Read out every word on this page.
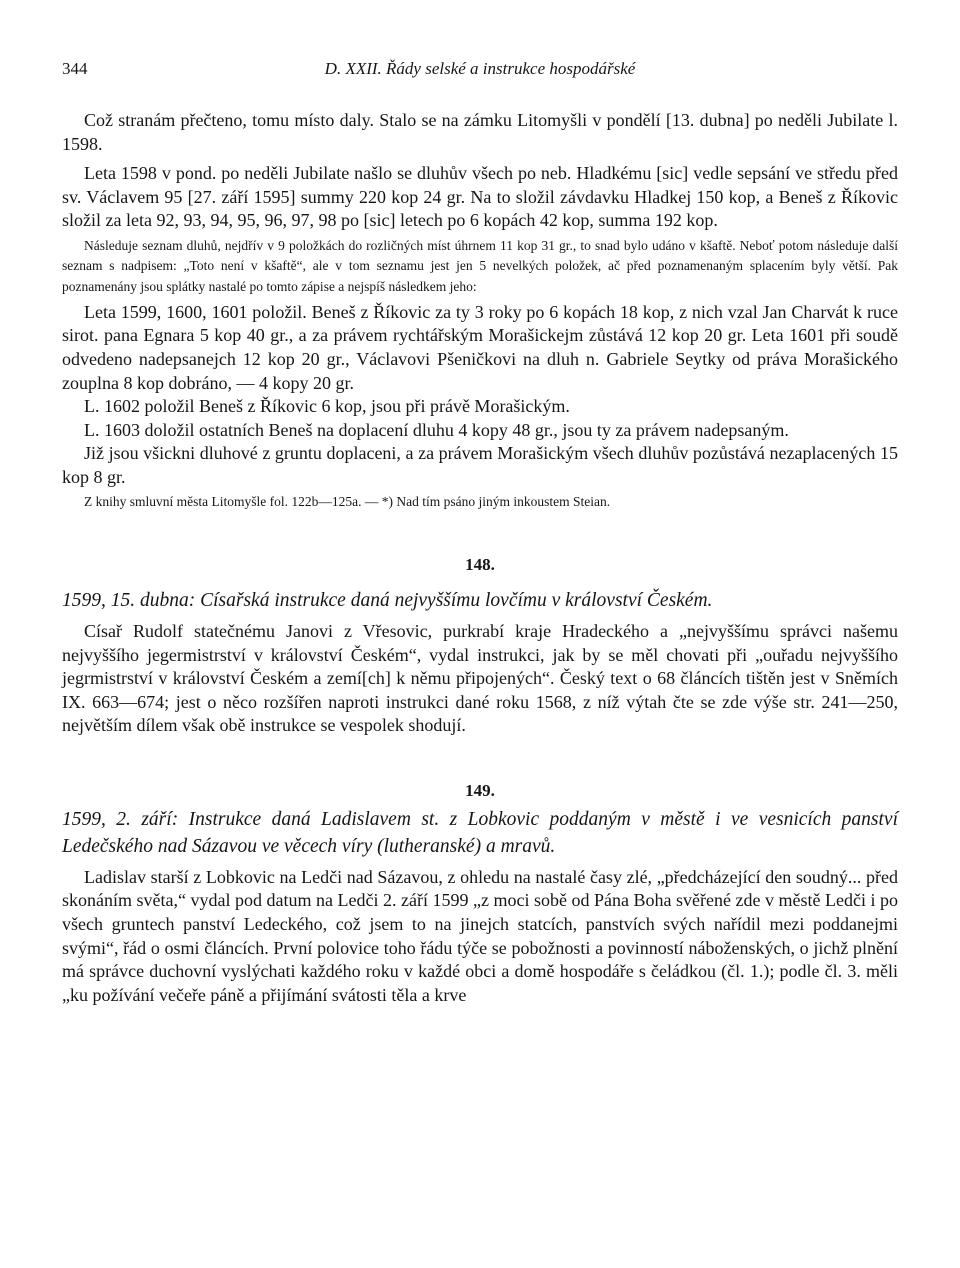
344	D. XXII. Řády selské a instrukce hospodářské

Což stranám přečteno, tomu místo daly. Stalo se na zámku Litomyšli v pondělí [13. dubna] po neděli Jubilate l. 1598.

Leta 1598 v pond. po neděli Jubilate našlo se dluhův všech po neb. Hladkému [sic] vedle sepsání ve středu před sv. Václavem 95 [27. září 1595] summy 220 kop 24 gr. Na to složil závdavku Hladkej 150 kop, a Beneš z Říkovic složil za leta 92, 93, 94, 95, 96, 97, 98 po [sic] letech po 6 kopách 42 kop, summa 192 kop.

Následuje seznam dluhů, nejdřív v 9 položkách do rozličných míst úhrnem 11 kop 31 gr., to snad bylo udáno v kšaftě. Neboť potom následuje další seznam s nadpisem: „Toto není v kšaftě“, ale v tom seznamu jest jen 5 nevelkých položek, ač před poznamenaným splacením byly větší. Pak poznamenány jsou splátky nastalé po tomto zápise a nejspíš následkem jeho:

Leta 1599, 1600, 1601 položil. Beneš z Říkovic za ty 3 roky po 6 kopách 18 kop, z nich vzal Jan Charvát k ruce sirot. pana Egnara 5 kop 40 gr., a za právem rychtářským Morašickejm zůstává 12 kop 20 gr. Leta 1601 při soudě odvedeno nadepsanejch 12 kop 20 gr., Václavovi Pšeničkovi na dluh n. Gabriele Seytky od práva Morašického zouplna 8 kop dobráno, — 4 kopy 20 gr.

L. 1602 položil Beneš z Říkovic 6 kop, jsou při právě Morašickým.

L. 1603 doložil ostatních Beneš na doplacení dluhu 4 kopy 48 gr., jsou ty za právem nadepsaným.

Již jsou všickni dluhové z gruntu doplaceni, a za právem Morašickým všech dluhův pozůstává nezaplacených 15 kop 8 gr.

Z knihy smluvní města Litomyšle fol. 122b—125a. — *) Nad tím psáno jiným inkoustem Steian.

148.

1599, 15. dubna: Císařská instrukce daná nejvyššímu lovčímu v království Českém.

Císař Rudolf statečnému Janovi z Vřesovic, purkrabí kraje Hradeckého a „nejvyššímu správci našemu nejvyššího jegermistrství v království Českém“, vydal instrukci, jak by se měl chovati při „ouřadu nejvyššího jegrmistrství v království Českém a zemí[ch] k němu připojených“. Český text o 68 článcích tištěn jest v Sněmích IX. 663—674; jest o něco rozšířen naproti instrukci dané roku 1568, z níž výtah čte se zde výše str. 241—250, největším dílem však obě instrukce se vespolek shodují.

149.

1599, 2. září: Instrukce daná Ladislavem st. z Lobkovic poddaným v městě i ve vesnicích panství Ledečského nad Sázavou ve věcech víry (lutheranské) a mravů.

Ladislav starší z Lobkovic na Ledči nad Sázavou, z ohledu na nastalé časy zlé, „předcházející den soudný... před skonáním světa,“ vydal pod datum na Ledči 2. září 1599 „z moci sobě od Pána Boha svěřené zde v městě Ledči i po všech gruntech panství Ledeckého, což jsem to na jinejch statcích, panstvích svých nařídil mezi poddanejmi svými“, řád o osmi článcích. První polovice toho řádu týče se pobožnosti a povinností náboženských, o jichž plnění má správce duchovní vyslýchati každého roku v každé obci a domě hospodáře s čeládkou (čl. 1.); podle čl. 3. měli „ku požívání večeře páně a přijímání svátosti těla a krve
